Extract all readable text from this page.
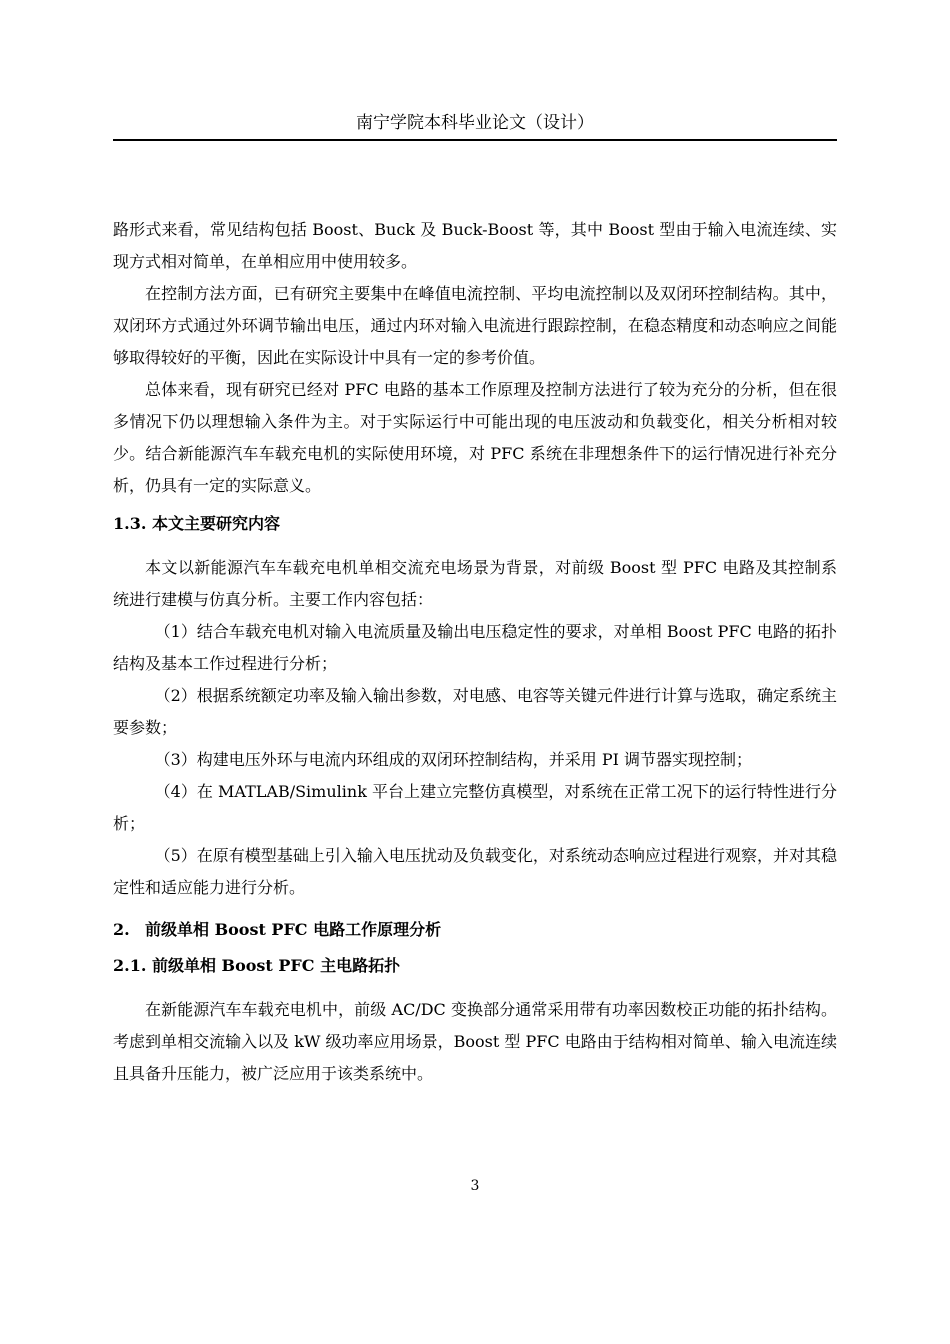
南宁学院本科毕业论文（设计）

路形式来看，常见结构包括 Boost、Buck 及 Buck-Boost 等，其中 Boost 型由于输入电流连续、实现方式相对简单，在单相应用中使用较多。

在控制方法方面，已有研究主要集中在峰值电流控制、平均电流控制以及双闭环控制结构。其中，双闭环方式通过外环调节输出电压，通过内环对输入电流进行跟踪控制，在稳态精度和动态响应之间能够取得较好的平衡，因此在实际设计中具有一定的参考价值。

总体来看，现有研究已经对 PFC 电路的基本工作原理及控制方法进行了较为充分的分析，但在很多情况下仍以理想输入条件为主。对于实际运行中可能出现的电压波动和负载变化，相关分析相对较少。结合新能源汽车车载充电机的实际使用环境，对 PFC 系统在非理想条件下的运行情况进行补充分析，仍具有一定的实际意义。

1.3. 本文主要研究内容

本文以新能源汽车车载充电机单相交流充电场景为背景，对前级 Boost 型 PFC 电路及其控制系统进行建模与仿真分析。主要工作内容包括：

（1）结合车载充电机对输入电流质量及输出电压稳定性的要求，对单相 Boost PFC 电路的拓扑结构及基本工作过程进行分析；

（2）根据系统额定功率及输入输出参数，对电感、电容等关键元件进行计算与选取，确定系统主要参数；

（3）构建电压外环与电流内环组成的双闭环控制结构，并采用 PI 调节器实现控制；

（4）在 MATLAB/Simulink 平台上建立完整仿真模型，对系统在正常工况下的运行特性进行分析；

（5）在原有模型基础上引入输入电压扰动及负载变化，对系统动态响应过程进行观察，并对其稳定性和适应能力进行分析。

2. 前级单相 Boost PFC 电路工作原理分析
2.1. 前级单相 Boost PFC 主电路拓扑

在新能源汽车车载充电机中，前级 AC/DC 变换部分通常采用带有功率因数校正功能的拓扑结构。考虑到单相交流输入以及 kW 级功率应用场景，Boost 型 PFC 电路由于结构相对简单、输入电流连续且具备升压能力，被广泛应用于该类系统中。

3
